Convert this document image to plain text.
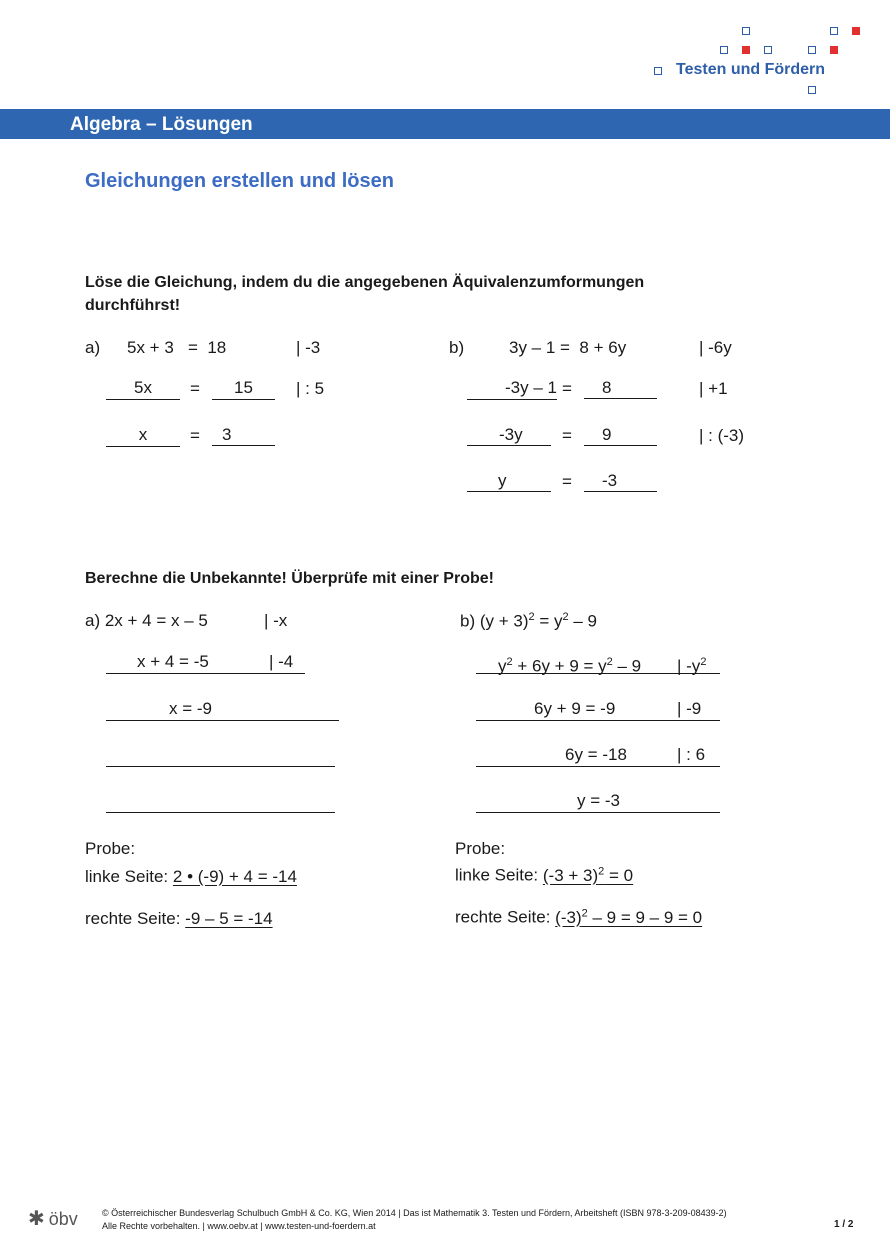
Testen und Fördern
Algebra – Lösungen
Gleichungen erstellen und lösen
Löse die Gleichung, indem du die angegebenen Äquivalenzumformungen
durchführst!
a) 5x + 3   =  18	| -3
5x	=	15	| : 5
x	=	3
b)	3y – 1 =  8 + 6y	| -6y
-3y – 1 =	8	| +1
-3y	=	9	| : (-3)
y	=	-3
Berechne die Unbekannte! Überprüfe mit einer Probe!
a) 2x + 4 = x – 5	| -x
x + 4 = -5	| -4
x = -9
b) $(y + 3)^2 = y^2 - 9$
$y^2 + 6y + 9 = y^2 - 9$ | $-y^2$
6y + 9 = -9	| -9
6y = -18	| : 6
y = -3
Probe:
linke Seite: 2 • (-9) + 4 = -14
rechte Seite: -9 – 5 = -14
Probe:
linke Seite: $(-3 + 3)^2 = 0$
rechte Seite: $(-3)^2 - 9 = 9 - 9 = 0$
✱ öbv	© Österreichischer Bundesverlag Schulbuch GmbH & Co. KG, Wien 2014 | Das ist Mathematik 3. Testen und Fördern, Arbeitsheft (ISBN 978-3-209-08439-2)
Alle Rechte vorbehalten. | www.oebv.at | www.testen-und-foerdern.at	1 / 2
